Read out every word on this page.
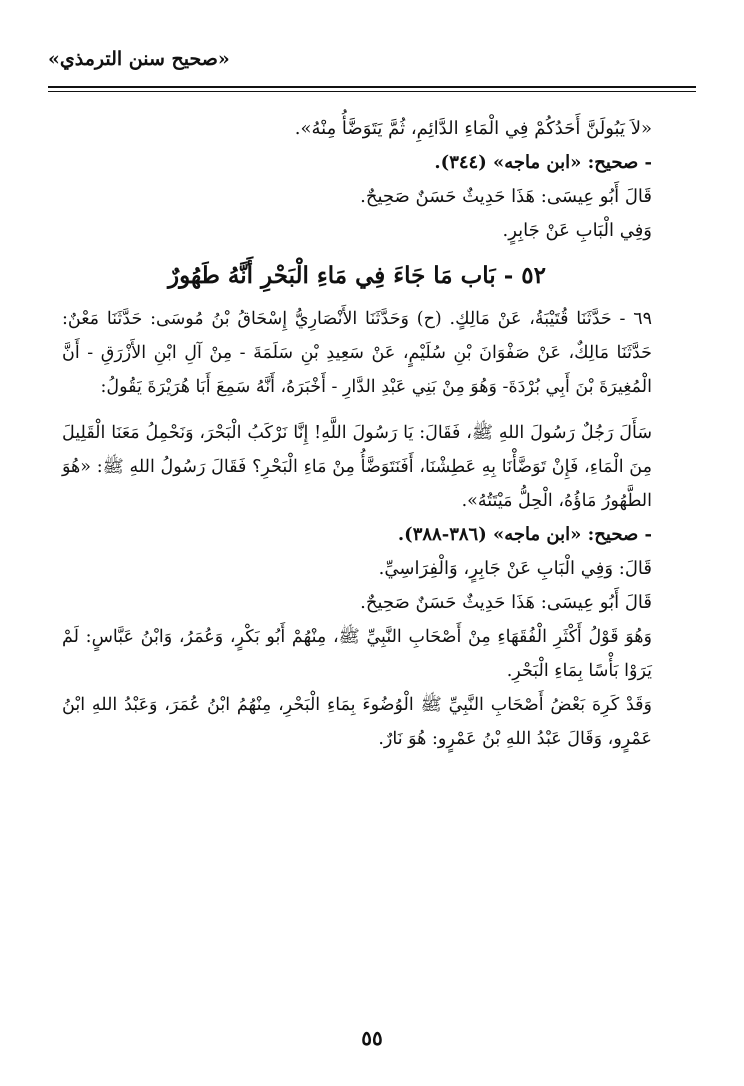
«صحيح سنن الترمذي»
«لاَ يَبُولَنَّ أَحَدُكُمْ فِي الْمَاءِ الدَّائِمِ، ثُمَّ يَتَوَضَّأُ مِنْهُ».
- صحيح: «ابن ماجه» (٣٤٤).
قَالَ أَبُو عِيسَى: هَذَا حَدِيثٌ حَسَنٌ صَحِيحٌ.
وَفِي الْبَابِ عَنْ جَابِرٍ.
٥٢ - بَاب مَا جَاءَ فِي مَاءِ الْبَحْرِ أَنَّهُ طَهُورٌ
٦٩ - حَدَّثَنَا قُتَيْبَةُ، عَنْ مَالِكٍ. (ح) وَحَدَّثَنَا الأَنْصَارِيُّ إِسْحَاقُ بْنُ مُوسَى: حَدَّثَنَا مَعْنٌ: حَدَّثَنَا مَالِكٌ، عَنْ صَفْوَانَ بْنِ سُلَيْمٍ، عَنْ سَعِيدِ بْنِ سَلَمَةَ - مِنْ آلِ ابْنِ الأَزْرَقِ - أَنَّ الْمُغِيرَةَ بْنَ أَبِي بُرْدَةَ- وَهُوَ مِنْ بَنِي عَبْدِ الدَّارِ - أَخْبَرَهُ، أَنَّهُ سَمِعَ أَبَا هُرَيْرَةَ يَقُولُ:
سَأَلَ رَجُلٌ رَسُولَ اللهِ ﷺ، فَقَالَ: يَا رَسُولَ اللَّهِ! إِنَّا نَرْكَبُ الْبَحْرَ، وَنَحْمِلُ مَعَنَا الْقَلِيلَ مِنَ الْمَاءِ، فَإِنْ تَوَضَّأْنَا بِهِ عَطِشْنَا، أَفَنَتَوَضَّأُ مِنْ مَاءِ الْبَحْرِ؟ فَقَالَ رَسُولُ اللهِ ﷺ: «هُوَ الطَّهُورُ مَاؤُهُ، الْحِلُّ مَيْتَتُهُ».
- صحيح: «ابن ماجه» (٣٨٦-٣٨٨).
قَالَ: وَفِي الْبَابِ عَنْ جَابِرٍ، وَالْفِرَاسِيِّ.
قَالَ أَبُو عِيسَى: هَذَا حَدِيثٌ حَسَنٌ صَحِيحٌ.
وَهُوَ قَوْلُ أَكْثَرِ الْفُقَهَاءِ مِنْ أَصْحَابِ النَّبِيِّ ﷺ، مِنْهُمْ أَبُو بَكْرٍ، وَعُمَرُ، وَابْنُ عَبَّاسٍ: لَمْ يَرَوْا بَأْسًا بِمَاءِ الْبَحْرِ.
وَقَدْ كَرِهَ بَعْضُ أَصْحَابِ النَّبِيِّ ﷺ الْوُضُوءَ بِمَاءِ الْبَحْرِ، مِنْهُمُ ابْنُ عُمَرَ، وَعَبْدُ اللهِ ابْنُ عَمْرٍو، وَقَالَ عَبْدُ اللهِ بْنُ عَمْرٍو: هُوَ نَارٌ.
٥٥
